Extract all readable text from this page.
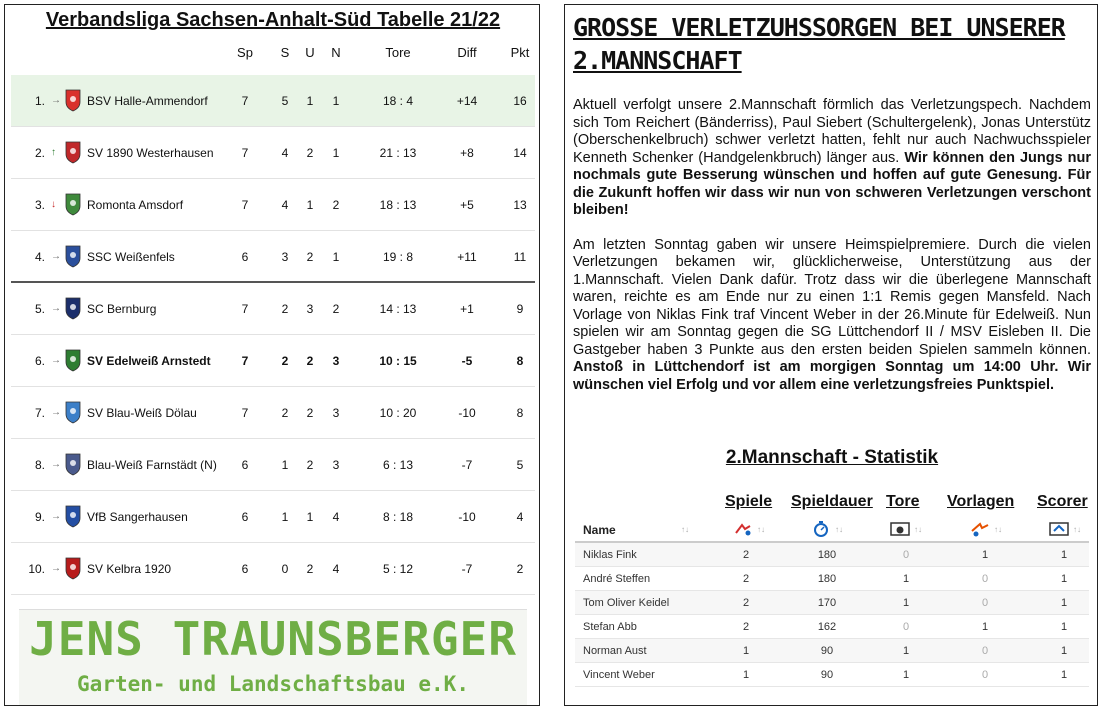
Verbandsliga Sachsen-Anhalt-Süd Tabelle 21/22
Sp	S	U	N	Tore	Diff	Pkt
1. → BSV Halle-Ammendorf	7	5	1	1	18 : 4	+14	16
2. ↑	SV 1890 Westerhausen	7	4	2	1	21 : 13	+8	14
3. ↓	Romonta Amsdorf	7	4	1	2	18 : 13	+5	13
4. → SSC Weißenfels	6	3	2	1	19 : 8	+11	11
5. → SC Bernburg	7	2	3	2	14 : 13	+1	9
6. → SV Edelweiß Arnstedt	7	2	2	3	10 : 15	-5	8
7. → SV Blau-Weiß Dölau	7	2	2	3	10 : 20	-10	8
8. → Blau-Weiß Farnstädt (N)	6	1	2	3	6 : 13	-7	5
9. → VfB Sangerhausen	6	1	1	4	8 : 18	-10	4
10. → SV Kelbra 1920	6	0	2	4	5 : 12	-7	2
JENS TRAUNSBERGER
Garten- und Landschaftsbau e.K.
GROSSE VERLETZUHSSORGEN BEI UNSERER 2.MANNSCHAFT

Aktuell verfolgt unsere 2.Mannschaft förmlich das Verletzungspech. Nachdem sich Tom Reichert (Bänderriss), Paul Siebert (Schultergelenk), Jonas Unterstütz (Oberschenkelbruch) schwer verletzt hatten, fehlt nur auch Nachwuchsspieler Kenneth Schenker (Handgelenkbruch) länger aus. Wir können den Jungs nur nochmals gute Besserung wünschen und hoffen auf gute Genesung. Für die Zukunft hoffen wir dass wir nun von schweren Verletzungen verschont bleiben!

Am letzten Sonntag gaben wir unsere Heimspielpremiere. Durch die vielen Verletzungen bekamen wir, glücklicherweise, Unterstützung aus der 1.Mannschaft. Vielen Dank dafür. Trotz dass wir die überlegene Mannschaft waren, reichte es am Ende nur zu einen 1:1 Remis gegen Mansfeld. Nach Vorlage von Niklas Fink traf Vincent Weber in der 26.Minute für Edelweiß. Nun spielen wir am Sonntag gegen die SG Lüttchendorf II / MSV Eisleben II. Die Gastgeber haben 3 Punkte aus den ersten beiden Spielen sammeln können. Anstoß in Lüttchendorf ist am morgigen Sonntag um 14:00 Uhr. Wir wünschen viel Erfolg und vor allem eine verletzungsfreies Punktspiel.

2.Mannschaft - Statistik
Spiele Spieldauer Tore Vorlagen Scorer
Name	↑↓	↑↓	↑↓	↑↓	↑↓	↑↓
Niklas Fink	2	180	0	1	1
André Steffen	2	180	1	0	1
Tom Oliver Keidel	2	170	1	0	1
Stefan Abb	2	162	0	1	1
Norman Aust	1	90	1	0	1
Vincent Weber	1	90	1	0	1
